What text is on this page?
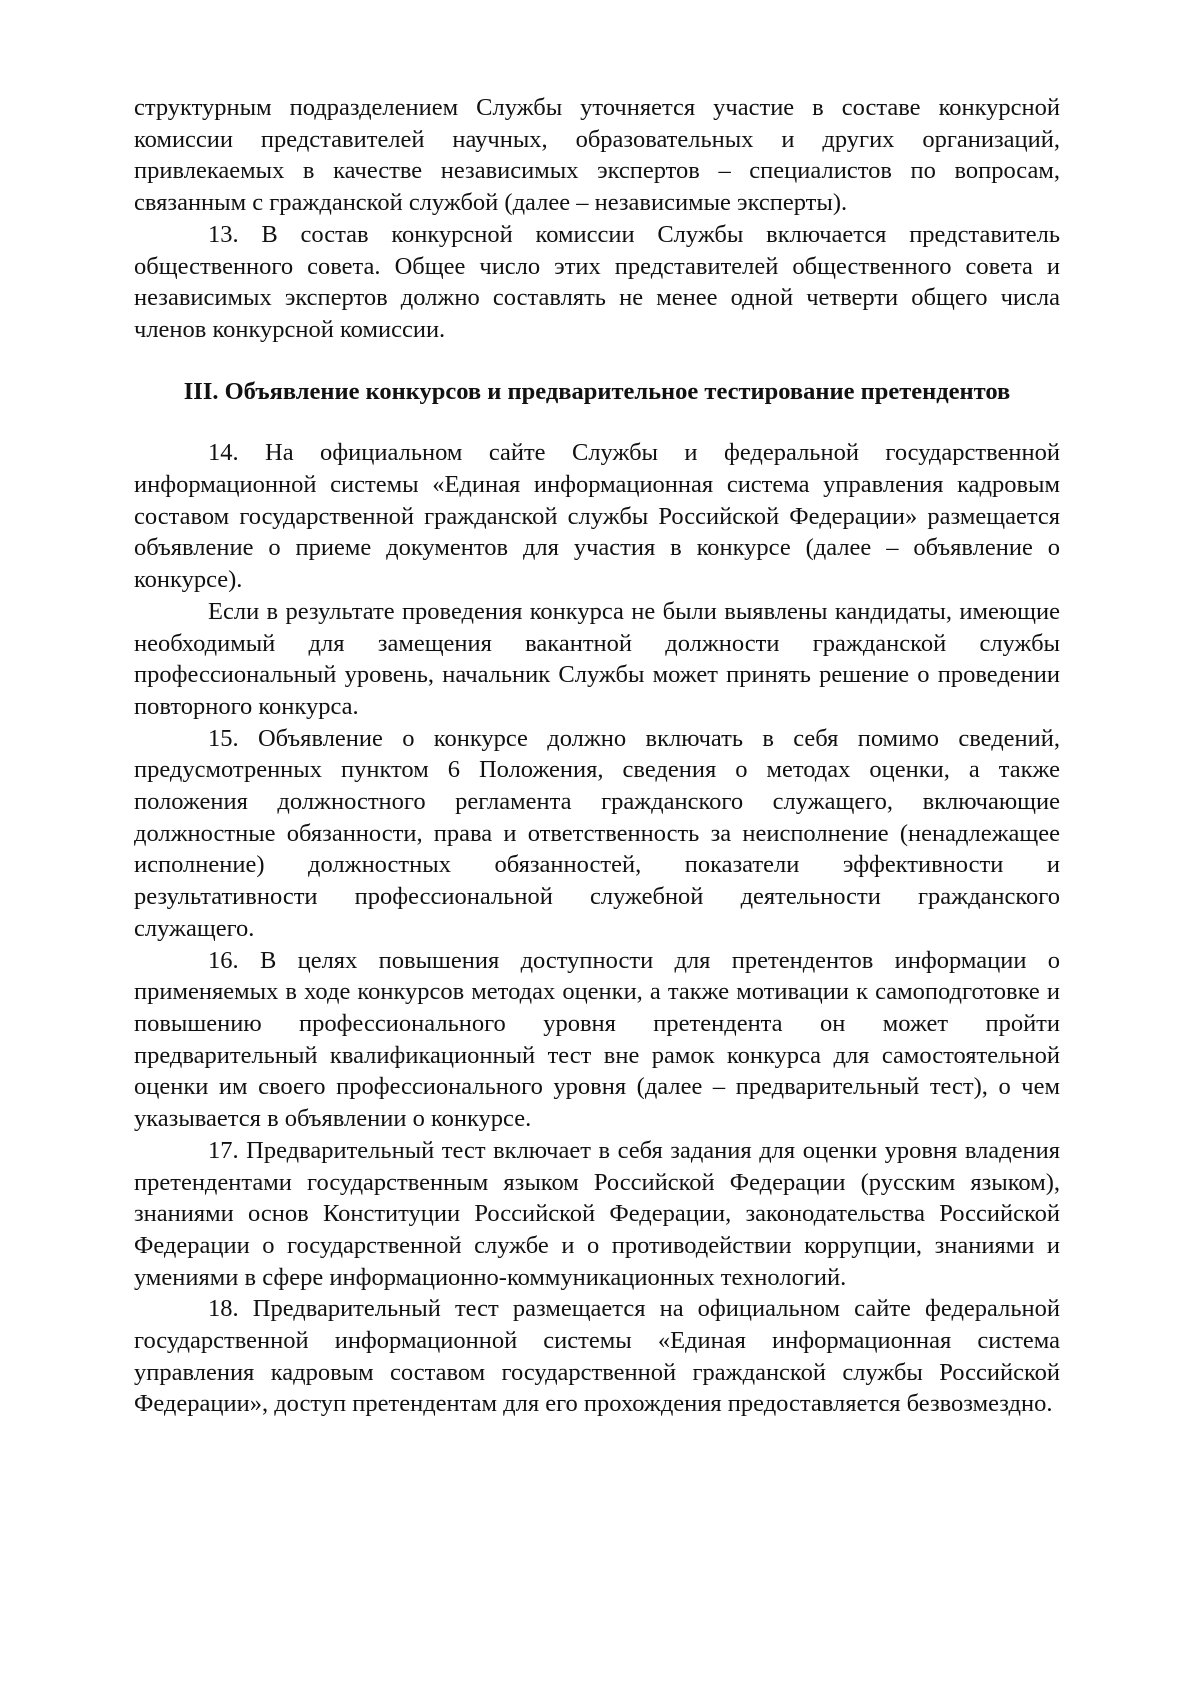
структурным подразделением Службы уточняется участие в составе конкурсной комиссии представителей научных, образовательных и других организаций, привлекаемых в качестве независимых экспертов – специалистов по вопросам, связанным с гражданской службой (далее – независимые эксперты).

13. В состав конкурсной комиссии Службы включается представитель общественного совета. Общее число этих представителей общественного совета и независимых экспертов должно составлять не менее одной четверти общего числа членов конкурсной комиссии.

III. Объявление конкурсов и предварительное тестирование претендентов

14. На официальном сайте Службы и федеральной государственной информационной системы «Единая информационная система управления кадровым составом государственной гражданской службы Российской Федерации» размещается объявление о приеме документов для участия в конкурсе (далее – объявление о конкурсе).

Если в результате проведения конкурса не были выявлены кандидаты, имеющие необходимый для замещения вакантной должности гражданской службы профессиональный уровень, начальник Службы может принять решение о проведении повторного конкурса.

15. Объявление о конкурсе должно включать в себя помимо сведений, предусмотренных пунктом 6 Положения, сведения о методах оценки, а также положения должностного регламента гражданского служащего, включающие должностные обязанности, права и ответственность за неисполнение (ненадлежащее исполнение) должностных обязанностей, показатели эффективности и результативности профессиональной служебной деятельности гражданского служащего.

16. В целях повышения доступности для претендентов информации о применяемых в ходе конкурсов методах оценки, а также мотивации к самоподготовке и повышению профессионального уровня претендента он может пройти предварительный квалификационный тест вне рамок конкурса для самостоятельной оценки им своего профессионального уровня (далее – предварительный тест), о чем указывается в объявлении о конкурсе.

17. Предварительный тест включает в себя задания для оценки уровня владения претендентами государственным языком Российской Федерации (русским языком), знаниями основ Конституции Российской Федерации, законодательства Российской Федерации о государственной службе и о противодействии коррупции, знаниями и умениями в сфере информационно-коммуникационных технологий.

18. Предварительный тест размещается на официальном сайте федеральной государственной информационной системы «Единая информационная система управления кадровым составом государственной гражданской службы Российской Федерации», доступ претендентам для его прохождения предоставляется безвозмездно.
